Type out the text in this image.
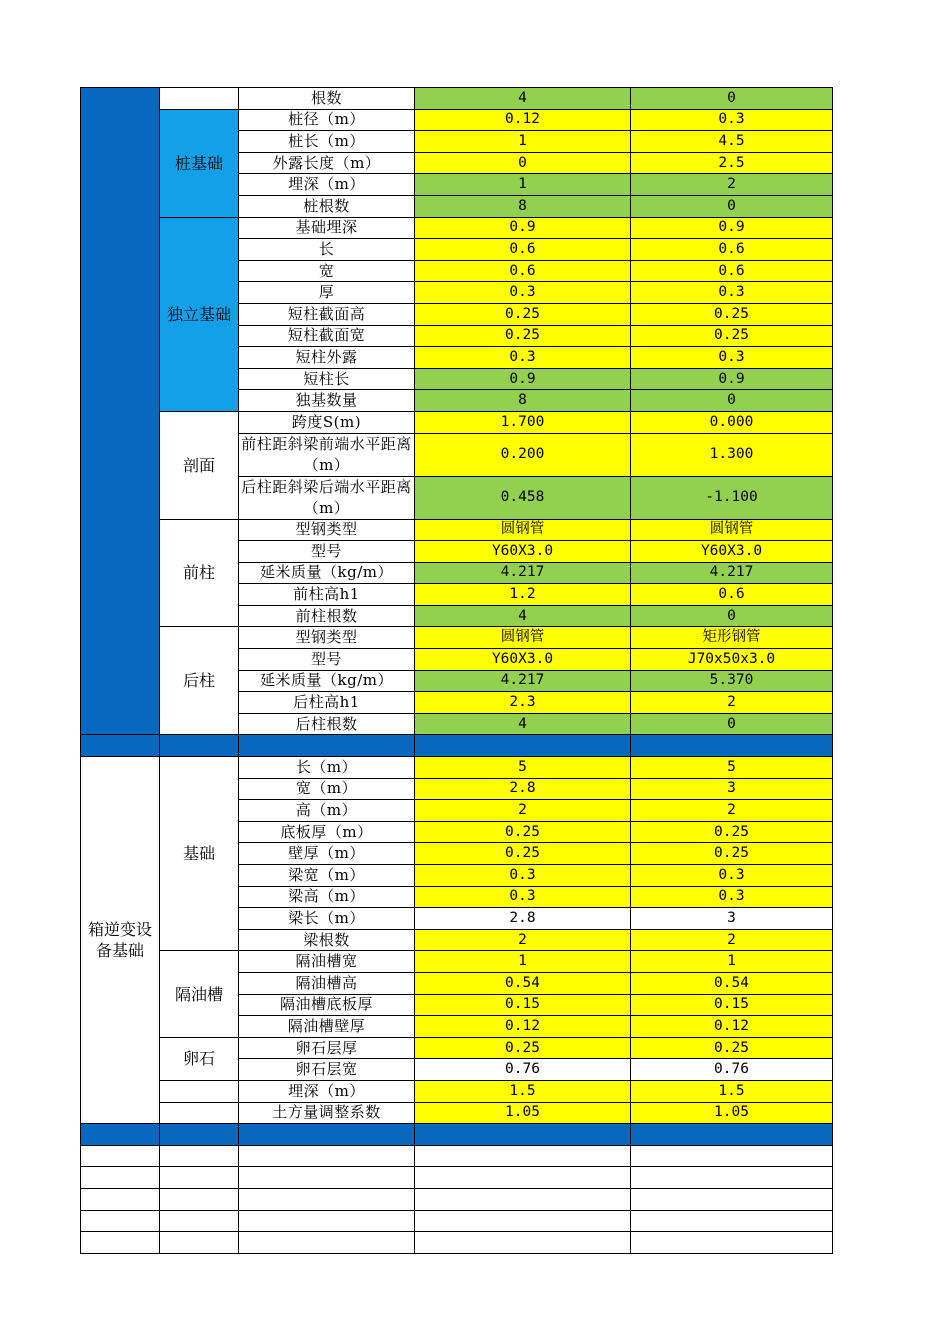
		根数	4	0
	桩基础	桩径（m）	0.12	0.3
		桩长（m）	1	4.5
		外露长度（m）	0	2.5
		埋深（m）	1	2
		桩根数	8	0
	独立基础	基础埋深	0.9	0.9
		长	0.6	0.6
		宽	0.6	0.6
		厚	0.3	0.3
		短柱截面高	0.25	0.25
		短柱截面宽	0.25	0.25
		短柱外露	0.3	0.3
		短柱长	0.9	0.9
		独基数量	8	0
	剖面	跨度S(m)	1.700	0.000
		前柱距斜梁前端水平距离（m）	0.200	1.300
		后柱距斜梁后端水平距离（m）	0.458	-1.100
	前柱	型钢类型	圆钢管	圆钢管
		型号	Y60X3.0	Y60X3.0
		延米质量（kg/m）	4.217	4.217
		前柱高h1	1.2	0.6
		前柱根数	4	0
	后柱	型钢类型	圆钢管	矩形钢管
		型号	Y60X3.0	J70x50x3.0
		延米质量（kg/m）	4.217	5.370
		后柱高h1	2.3	2
		后柱根数	4	0

箱逆变设备基础	基础	长（m）	5	5
		宽（m）	2.8	3
		高（m）	2	2
		底板厚（m）	0.25	0.25
		壁厚（m）	0.25	0.25
		梁宽（m）	0.3	0.3
		梁高（m）	0.3	0.3
		梁长（m）	2.8	3
		梁根数	2	2
	隔油槽	隔油槽宽	1	1
		隔油槽高	0.54	0.54
		隔油槽底板厚	0.15	0.15
		隔油槽壁厚	0.12	0.12
	卵石	卵石层厚	0.25	0.25
		卵石层宽	0.76	0.76
		埋深（m）	1.5	1.5
		土方量调整系数	1.05	1.05
